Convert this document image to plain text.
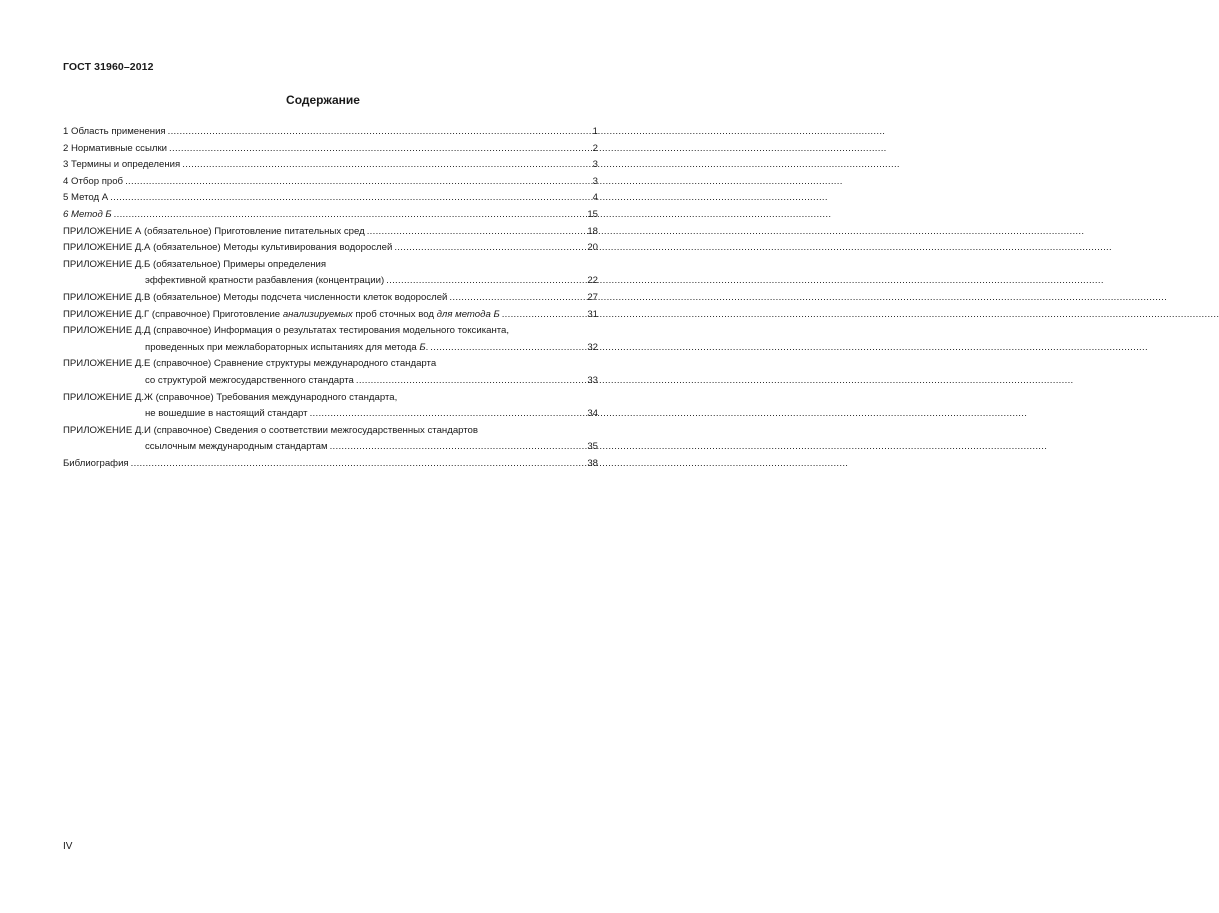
ГОСТ 31960–2012
Содержание
1 Область применения .....	1
2 Нормативные ссылки .....	2
3 Термины и определения .....	3
4 Отбор проб .....	3
5 Метод А .....	4
6 Метод Б .....	15
ПРИЛОЖЕНИЕ А (обязательное) Приготовление питательных сред .....	18
ПРИЛОЖЕНИЕ Д.А (обязательное) Методы культивирования водорослей .....	20
ПРИЛОЖЕНИЕ Д.Б (обязательное) Примеры определения
эффективной кратности разбавления (концентрации) .....	22
ПРИЛОЖЕНИЕ Д.В (обязательное) Методы подсчета численности клеток водорослей .....	27
ПРИЛОЖЕНИЕ Д.Г (справочное) Приготовление анализируемых проб сточных вод для метода Б .....	31
ПРИЛОЖЕНИЕ Д.Д (справочное) Информация о результатах тестирования модельного токсиканта,
проведенных при межлабораторных испытаниях для метода Б. .....	32
ПРИЛОЖЕНИЕ Д.Е (справочное) Сравнение структуры международного стандарта
со структурой межгосударственного стандарта .....	33
ПРИЛОЖЕНИЕ Д.Ж (справочное) Требования международного стандарта,
не вошедшие в настоящий стандарт .....	34
ПРИЛОЖЕНИЕ Д.И (справочное) Сведения о соответствии межгосударственных стандартов
ссылочным международным стандартам .....	35
Библиография .....	38
IV
